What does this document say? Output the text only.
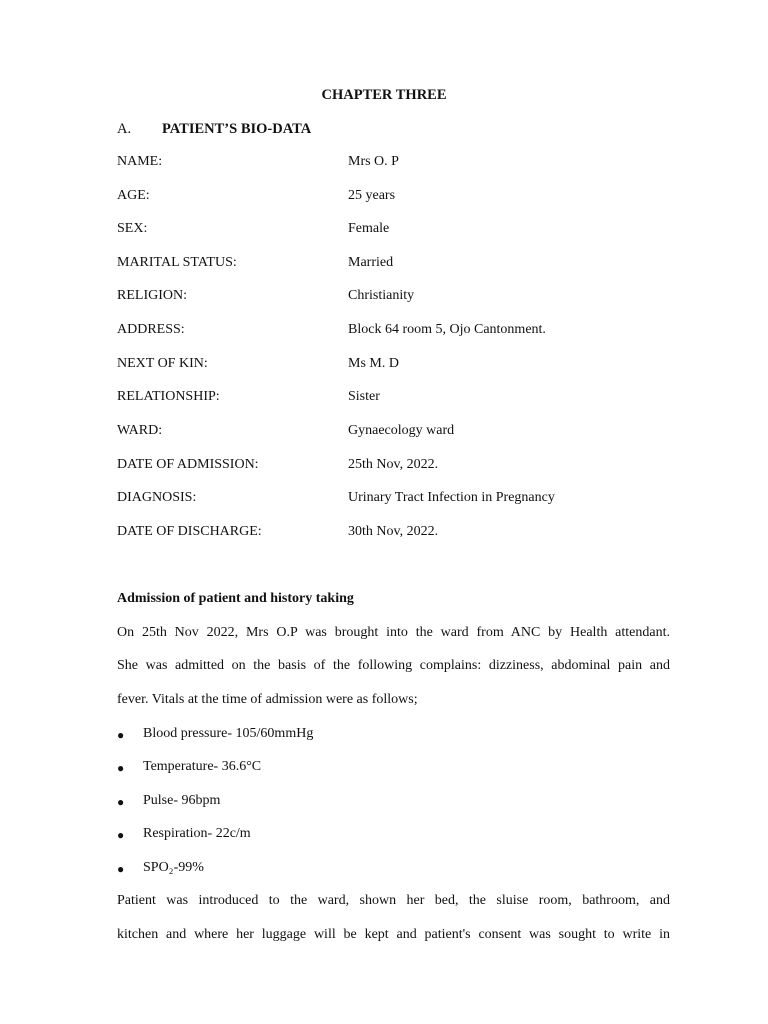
CHAPTER THREE
A. PATIENT’S BIO-DATA
NAME:	Mrs O. P
AGE:	25 years
SEX:	Female
MARITAL STATUS:	Married
RELIGION:	Christianity
ADDRESS:	Block 64 room 5, Ojo Cantonment.
NEXT OF KIN:	Ms M. D
RELATIONSHIP:	Sister
WARD:	Gynaecology ward
DATE OF ADMISSION:	25th Nov, 2022.
DIAGNOSIS:	Urinary Tract Infection in Pregnancy
DATE OF DISCHARGE:	30th Nov, 2022.
Admission of patient and history taking
On 25th Nov 2022, Mrs O.P was brought into the ward from ANC by Health attendant.
She was admitted on the basis of the following complains: dizziness, abdominal pain and
fever. Vitals at the time of admission were as follows;
● Blood pressure- 105/60mmHg
● Temperature- 36.6°C
● Pulse- 96bpm
● Respiration- 22c/m
● SPO₂-99%
Patient was introduced to the ward, shown her bed, the sluise room, bathroom, and
kitchen and where her luggage will be kept and patient's consent was sought to write in
